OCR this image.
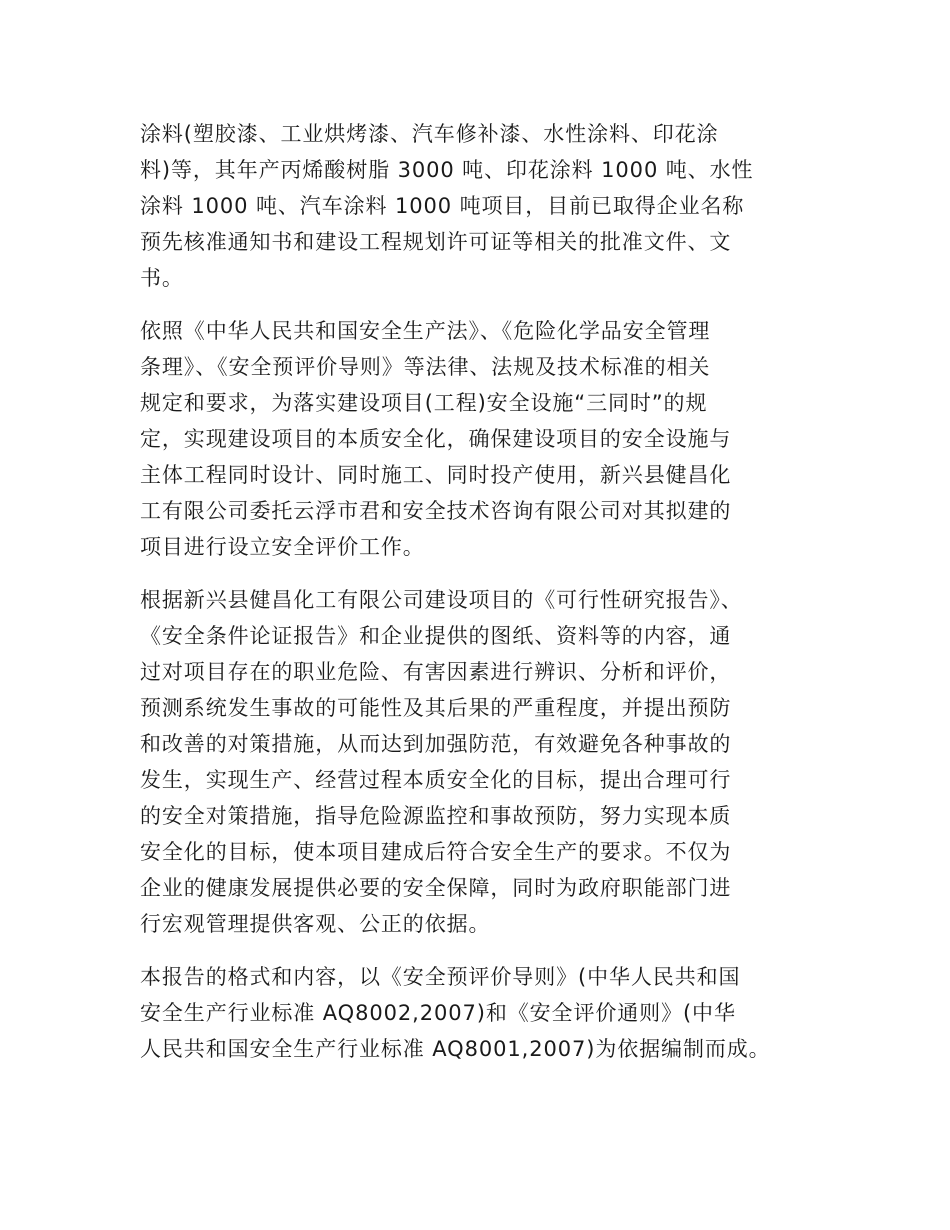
涂料(塑胶漆、工业烘烤漆、汽车修补漆、水性涂料、印花涂
料)等，其年产丙烯酸树脂 3000 吨、印花涂料 1000 吨、水性
涂料 1000 吨、汽车涂料 1000 吨项目，目前已取得企业名称
预先核准通知书和建设工程规划许可证等相关的批准文件、文
书。

依照《中华人民共和国安全生产法》、《危险化学品安全管理
条理》、《安全预评价导则》等法律、法规及技术标准的相关
规定和要求，为落实建设项目(工程)安全设施“三同时”的规
定，实现建设项目的本质安全化，确保建设项目的安全设施与
主体工程同时设计、同时施工、同时投产使用，新兴县健昌化
工有限公司委托云浮市君和安全技术咨询有限公司对其拟建的
项目进行设立安全评价工作。

根据新兴县健昌化工有限公司建设项目的《可行性研究报告》、
《安全条件论证报告》和企业提供的图纸、资料等的内容，通
过对项目存在的职业危险、有害因素进行辨识、分析和评价，
预测系统发生事故的可能性及其后果的严重程度，并提出预防
和改善的对策措施，从而达到加强防范，有效避免各种事故的
发生，实现生产、经营过程本质安全化的目标，提出合理可行
的安全对策措施，指导危险源监控和事故预防，努力实现本质
安全化的目标，使本项目建成后符合安全生产的要求。不仅为
企业的健康发展提供必要的安全保障，同时为政府职能部门进
行宏观管理提供客观、公正的依据。

本报告的格式和内容，以《安全预评价导则》(中华人民共和国
安全生产行业标准 AQ8002,2007)和《安全评价通则》(中华
人民共和国安全生产行业标准 AQ8001,2007)为依据编制而成。
